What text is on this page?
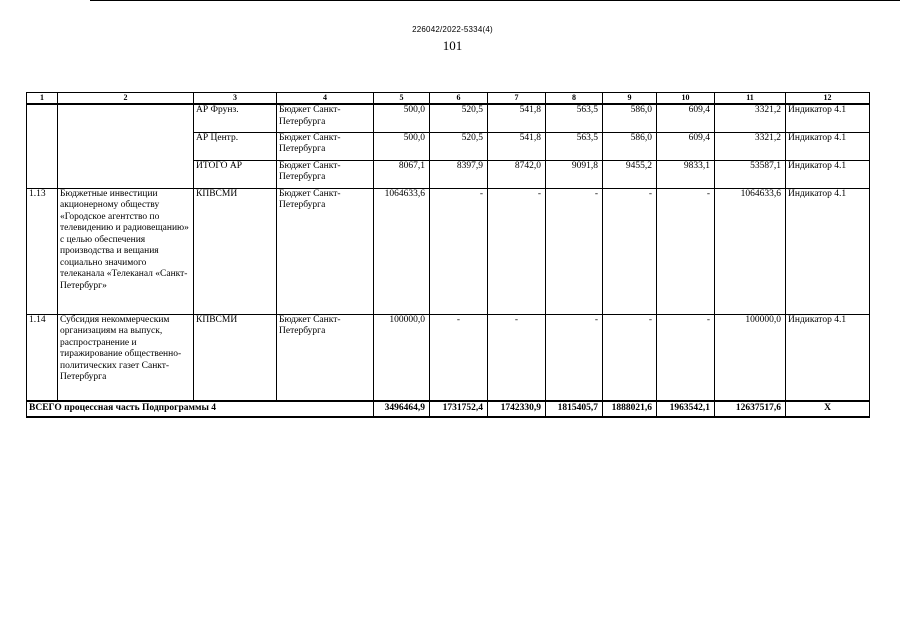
226042/2022-5334(4)
101
1	2	3	4	5	6	7	8	9	10	11	12
		АР Фрунз.	Бюджет Санкт-Петербурга	500,0	520,5	541,8	563,5	586,0	609,4	3321,2	Индикатор 4.1
		АР Центр.	Бюджет Санкт-Петербурга	500,0	520,5	541,8	563,5	586,0	609,4	3321,2	Индикатор 4.1
		ИТОГО АР	Бюджет Санкт-Петербурга	8067,1	8397,9	8742,0	9091,8	9455,2	9833,1	53587,1	Индикатор 4.1
1.13	Бюджетные инвестиции акционерному обществу «Городское агентство по телевидению и радиовещанию» с целью обеспечения производства и вещания социально значимого телеканала «Телеканал «Санкт-Петербург»	КПВСМИ	Бюджет Санкт-Петербурга	1064633,6	-	-	-	-	-	1064633,6	Индикатор 4.1
1.14	Субсидия некоммерческим организациям на выпуск, распространение и тиражирование общественно-политических газет Санкт-Петербурга	КПВСМИ	Бюджет Санкт-Петербурга	100000,0	-	-	-	-	-	100000,0	Индикатор 4.1
ВСЕГО процессная часть Подпрограммы 4				3496464,9	1731752,4	1742330,9	1815405,7	1888021,6	1963542,1	12637517,6	X
